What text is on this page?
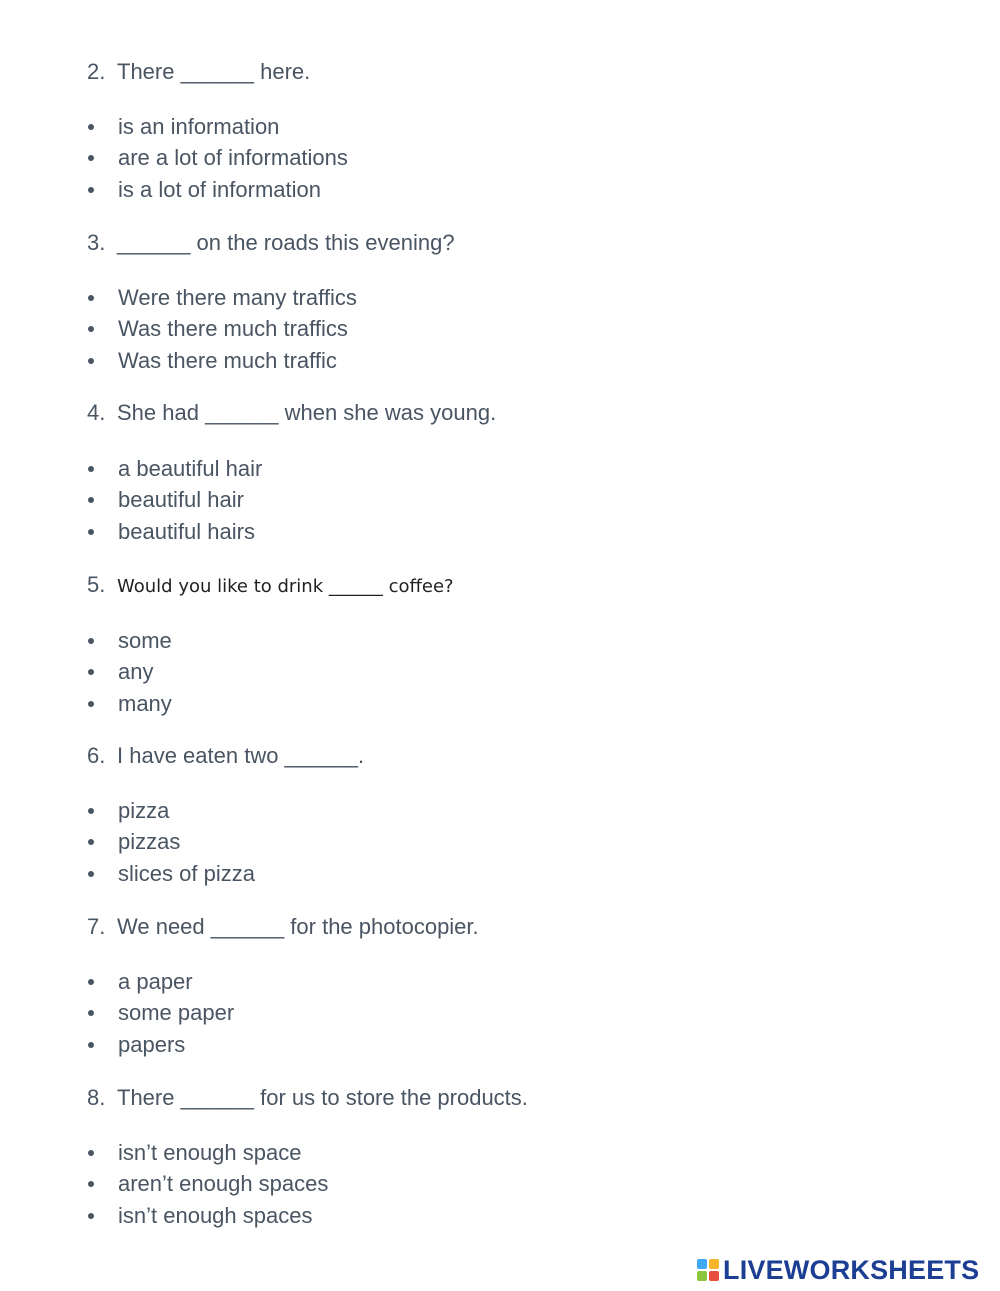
2. There ______ here.
is an information
are a lot of informations
is a lot of information
3. ______ on the roads this evening?
Were there many traffics
Was there much traffics
Was there much traffic
4. She had ______ when she was young.
a beautiful hair
beautiful hair
beautiful hairs
5. Would you like to drink ______ coffee?
some
any
many
6. I have eaten two ______.
pizza
pizzas
slices of pizza
7. We need ______ for the photocopier.
a paper
some paper
papers
8. There ______ for us to store the products.
isn’t enough space
aren’t enough spaces
isn’t enough spaces
LIVEWORKSHEETS
